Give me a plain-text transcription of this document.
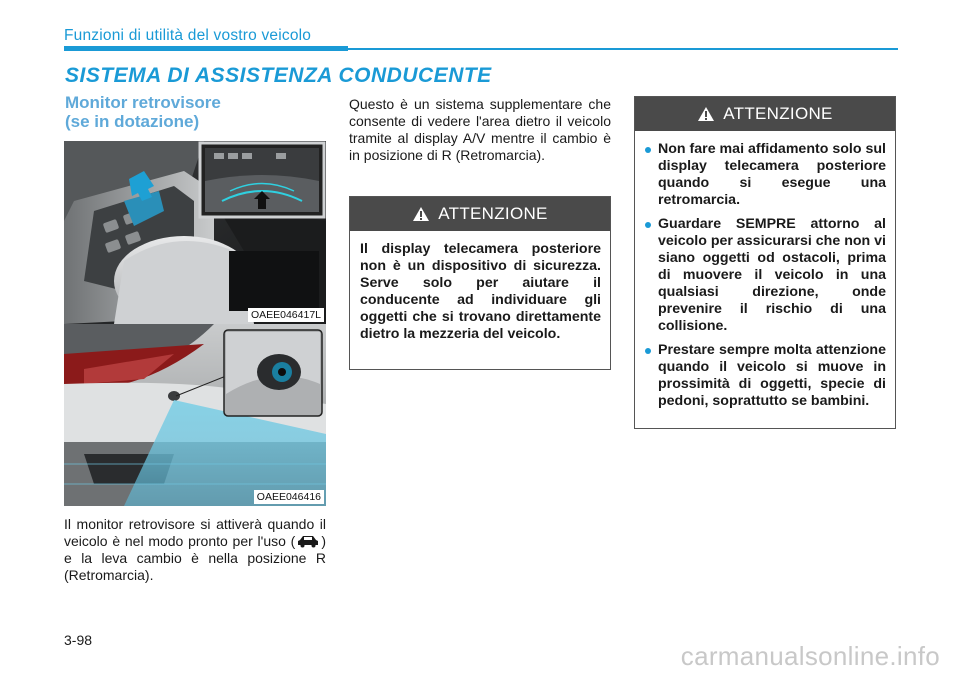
Funzioni di utilità del vostro veicolo
SISTEMA DI ASSISTENZA CONDUCENTE
Monitor retrovisore
(se in dotazione)
OAEE046417L
OAEE046416
Il monitor retrovisore si attiverà quando il veicolo è nel modo pronto per l'uso ( ) e la leva cambio è nella posizione R (Retromarcia).
Questo è un sistema supplementare che consente di vedere l'area dietro il veicolo tramite al display A/V mentre il cambio è in posizione di R (Retromarcia).
ATTENZIONE
Il display telecamera posteriore non è un dispositivo di sicurezza. Serve solo per aiutare il conducente ad individuare gli oggetti che si trovano direttamente dietro la mezzeria del veicolo.
ATTENZIONE
Non fare mai affidamento solo sul display telecamera posteriore quando si esegue una retromarcia.
Guardare SEMPRE attorno al veicolo per assicurarsi che non vi siano oggetti od ostacoli, prima di muovere il veicolo in una qualsiasi direzione, onde prevenire il rischio di una collisione.
Prestare sempre molta attenzione quando il veicolo si muove in prossimità di oggetti, specie di pedoni, soprattutto se bambini.
3-98
carmanualsonline.info
